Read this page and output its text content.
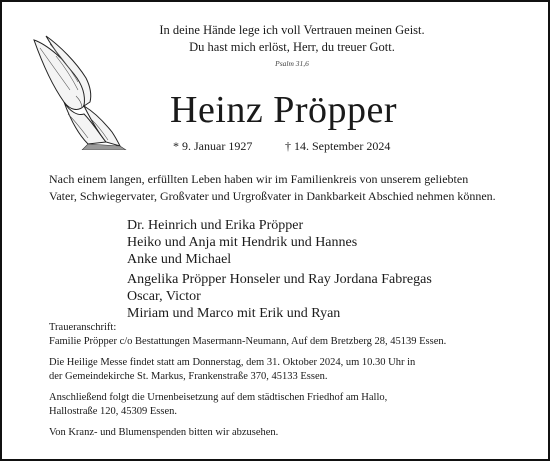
In deine Hände lege ich voll Vertrauen meinen Geist.
Du hast mich erlöst, Herr, du treuer Gott.
Psalm 31,6
Heinz Pröpper
* 9. Januar 1927	† 14. September 2024
Nach einem langen, erfüllten Leben haben wir im Familienkreis von unserem geliebten
Vater, Schwiegervater, Großvater und Urgroßvater in Dankbarkeit Abschied nehmen können.
Dr. Heinrich und Erika Pröpper
Heiko und Anja mit Hendrik und Hannes
Anke und Michael
Angelika Pröpper Honseler und Ray Jordana Fabregas
Oscar, Victor
Miriam und Marco mit Erik und Ryan

Traueranschrift:
Familie Pröpper c/o Bestattungen Masermann-Neumann, Auf dem Bretzberg 28, 45139 Essen.

Die Heilige Messe findet statt am Donnerstag, dem 31. Oktober 2024, um 10.30 Uhr in
der Gemeindekirche St. Markus, Frankenstraße 370, 45133 Essen.

Anschließend folgt die Urnenbeisetzung auf dem städtischen Friedhof am Hallo,
Hallostraße 120, 45309 Essen.

Von Kranz- und Blumenspenden bitten wir abzusehen.
